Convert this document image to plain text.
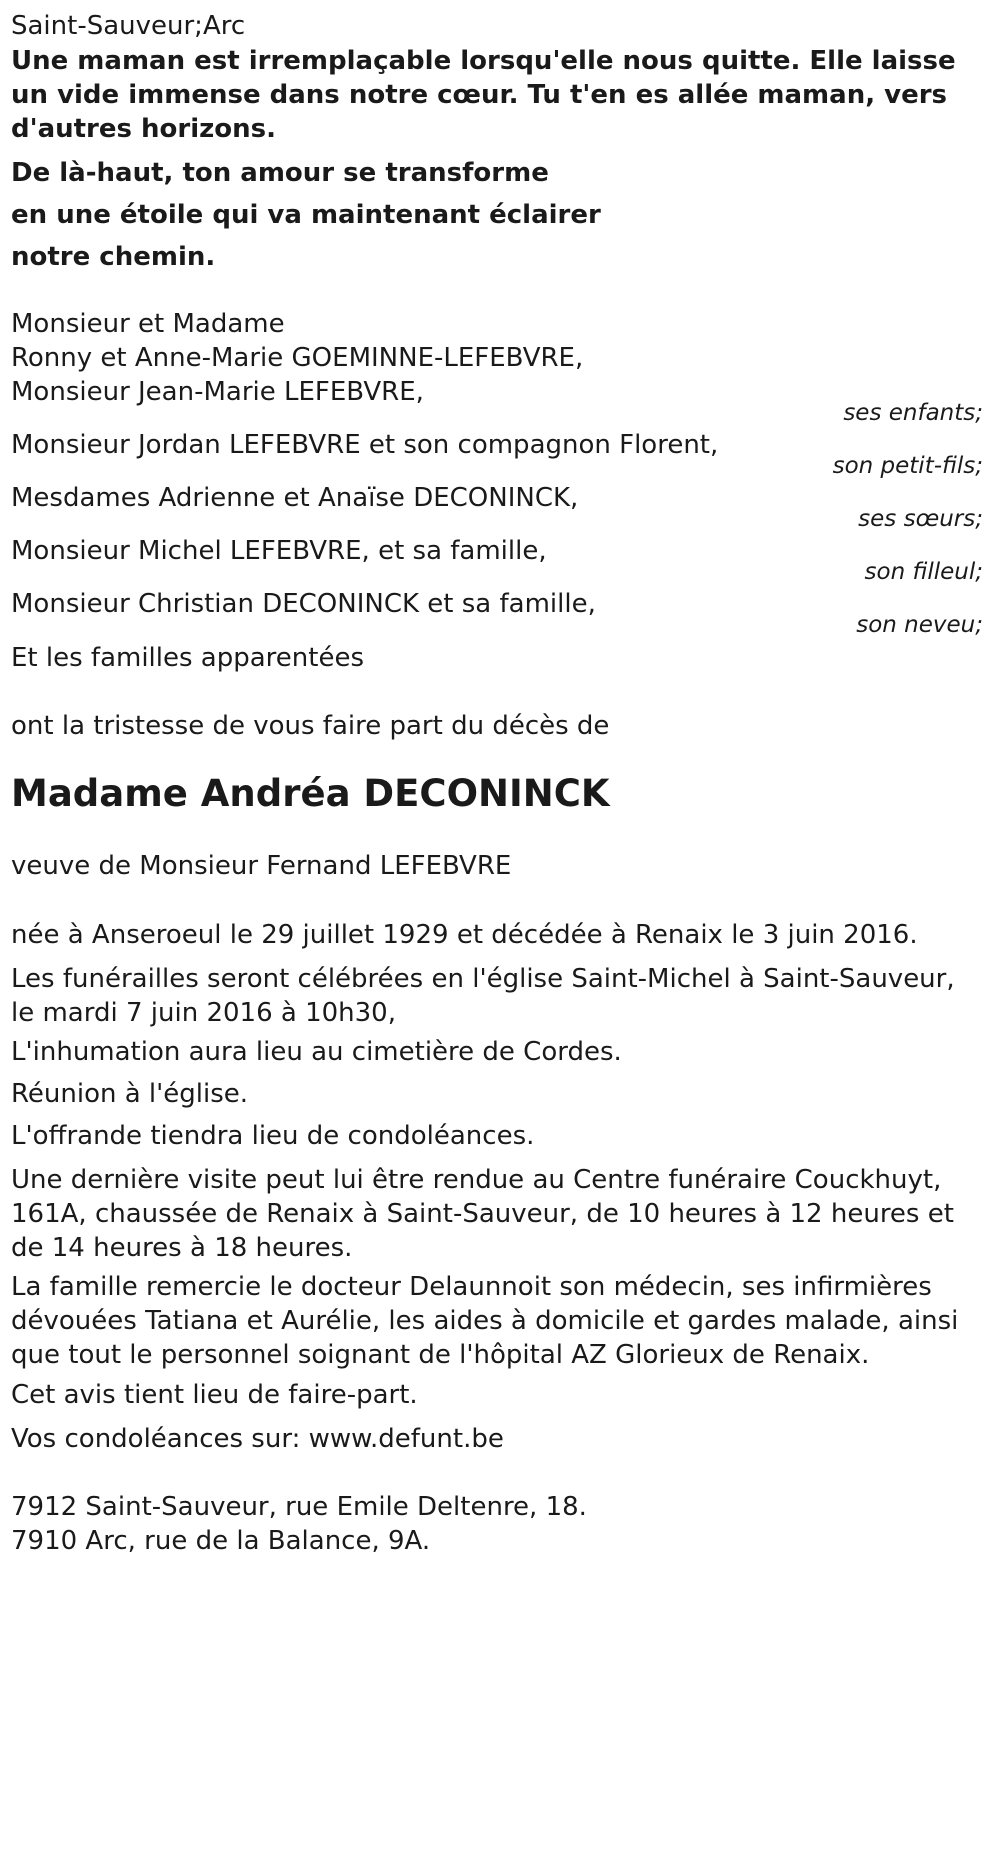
Saint-Sauveur;Arc

Une maman est irremplaçable lorsqu'elle nous quitte. Elle laisse un vide immense dans notre cœur. Tu t'en es allée maman, vers d'autres horizons.

De là-haut, ton amour se transforme

en une étoile qui va maintenant éclairer

notre chemin.

Monsieur et Madame

Ronny et Anne-Marie GOEMINNE-LEFEBVRE,

Monsieur Jean-Marie LEFEBVRE,

ses enfants;

Monsieur Jordan LEFEBVRE et son compagnon Florent,

son petit-fils;

Mesdames Adrienne et Anaïse DECONINCK,

ses sœurs;

Monsieur Michel LEFEBVRE, et sa famille,

son filleul;

Monsieur Christian DECONINCK et sa famille,

son neveu;

Et les familles apparentées

ont la tristesse de vous faire part du décès de

Madame Andréa DECONINCK

veuve de Monsieur Fernand LEFEBVRE

née à Anseroeul le 29 juillet 1929 et décédée à Renaix le 3 juin 2016.

Les funérailles seront célébrées en l'église Saint-Michel à Saint-Sauveur, le mardi 7 juin 2016 à 10h30,

L'inhumation aura lieu au cimetière de Cordes.

Réunion à l'église.

L'offrande tiendra lieu de condoléances.

Une dernière visite peut lui être rendue au Centre funéraire Couckhuyt, 161A, chaussée de Renaix à Saint-Sauveur, de 10 heures à 12 heures et de 14 heures à 18 heures.

La famille remercie le docteur Delaunnoit son médecin, ses infirmières dévouées Tatiana et Aurélie, les aides à domicile et gardes malade, ainsi que tout le personnel soignant de l'hôpital AZ Glorieux de Renaix.

Cet avis tient lieu de faire-part.

Vos condoléances sur: www.defunt.be

7912 Saint-Sauveur, rue Emile Deltenre, 18.

7910 Arc, rue de la Balance, 9A.
